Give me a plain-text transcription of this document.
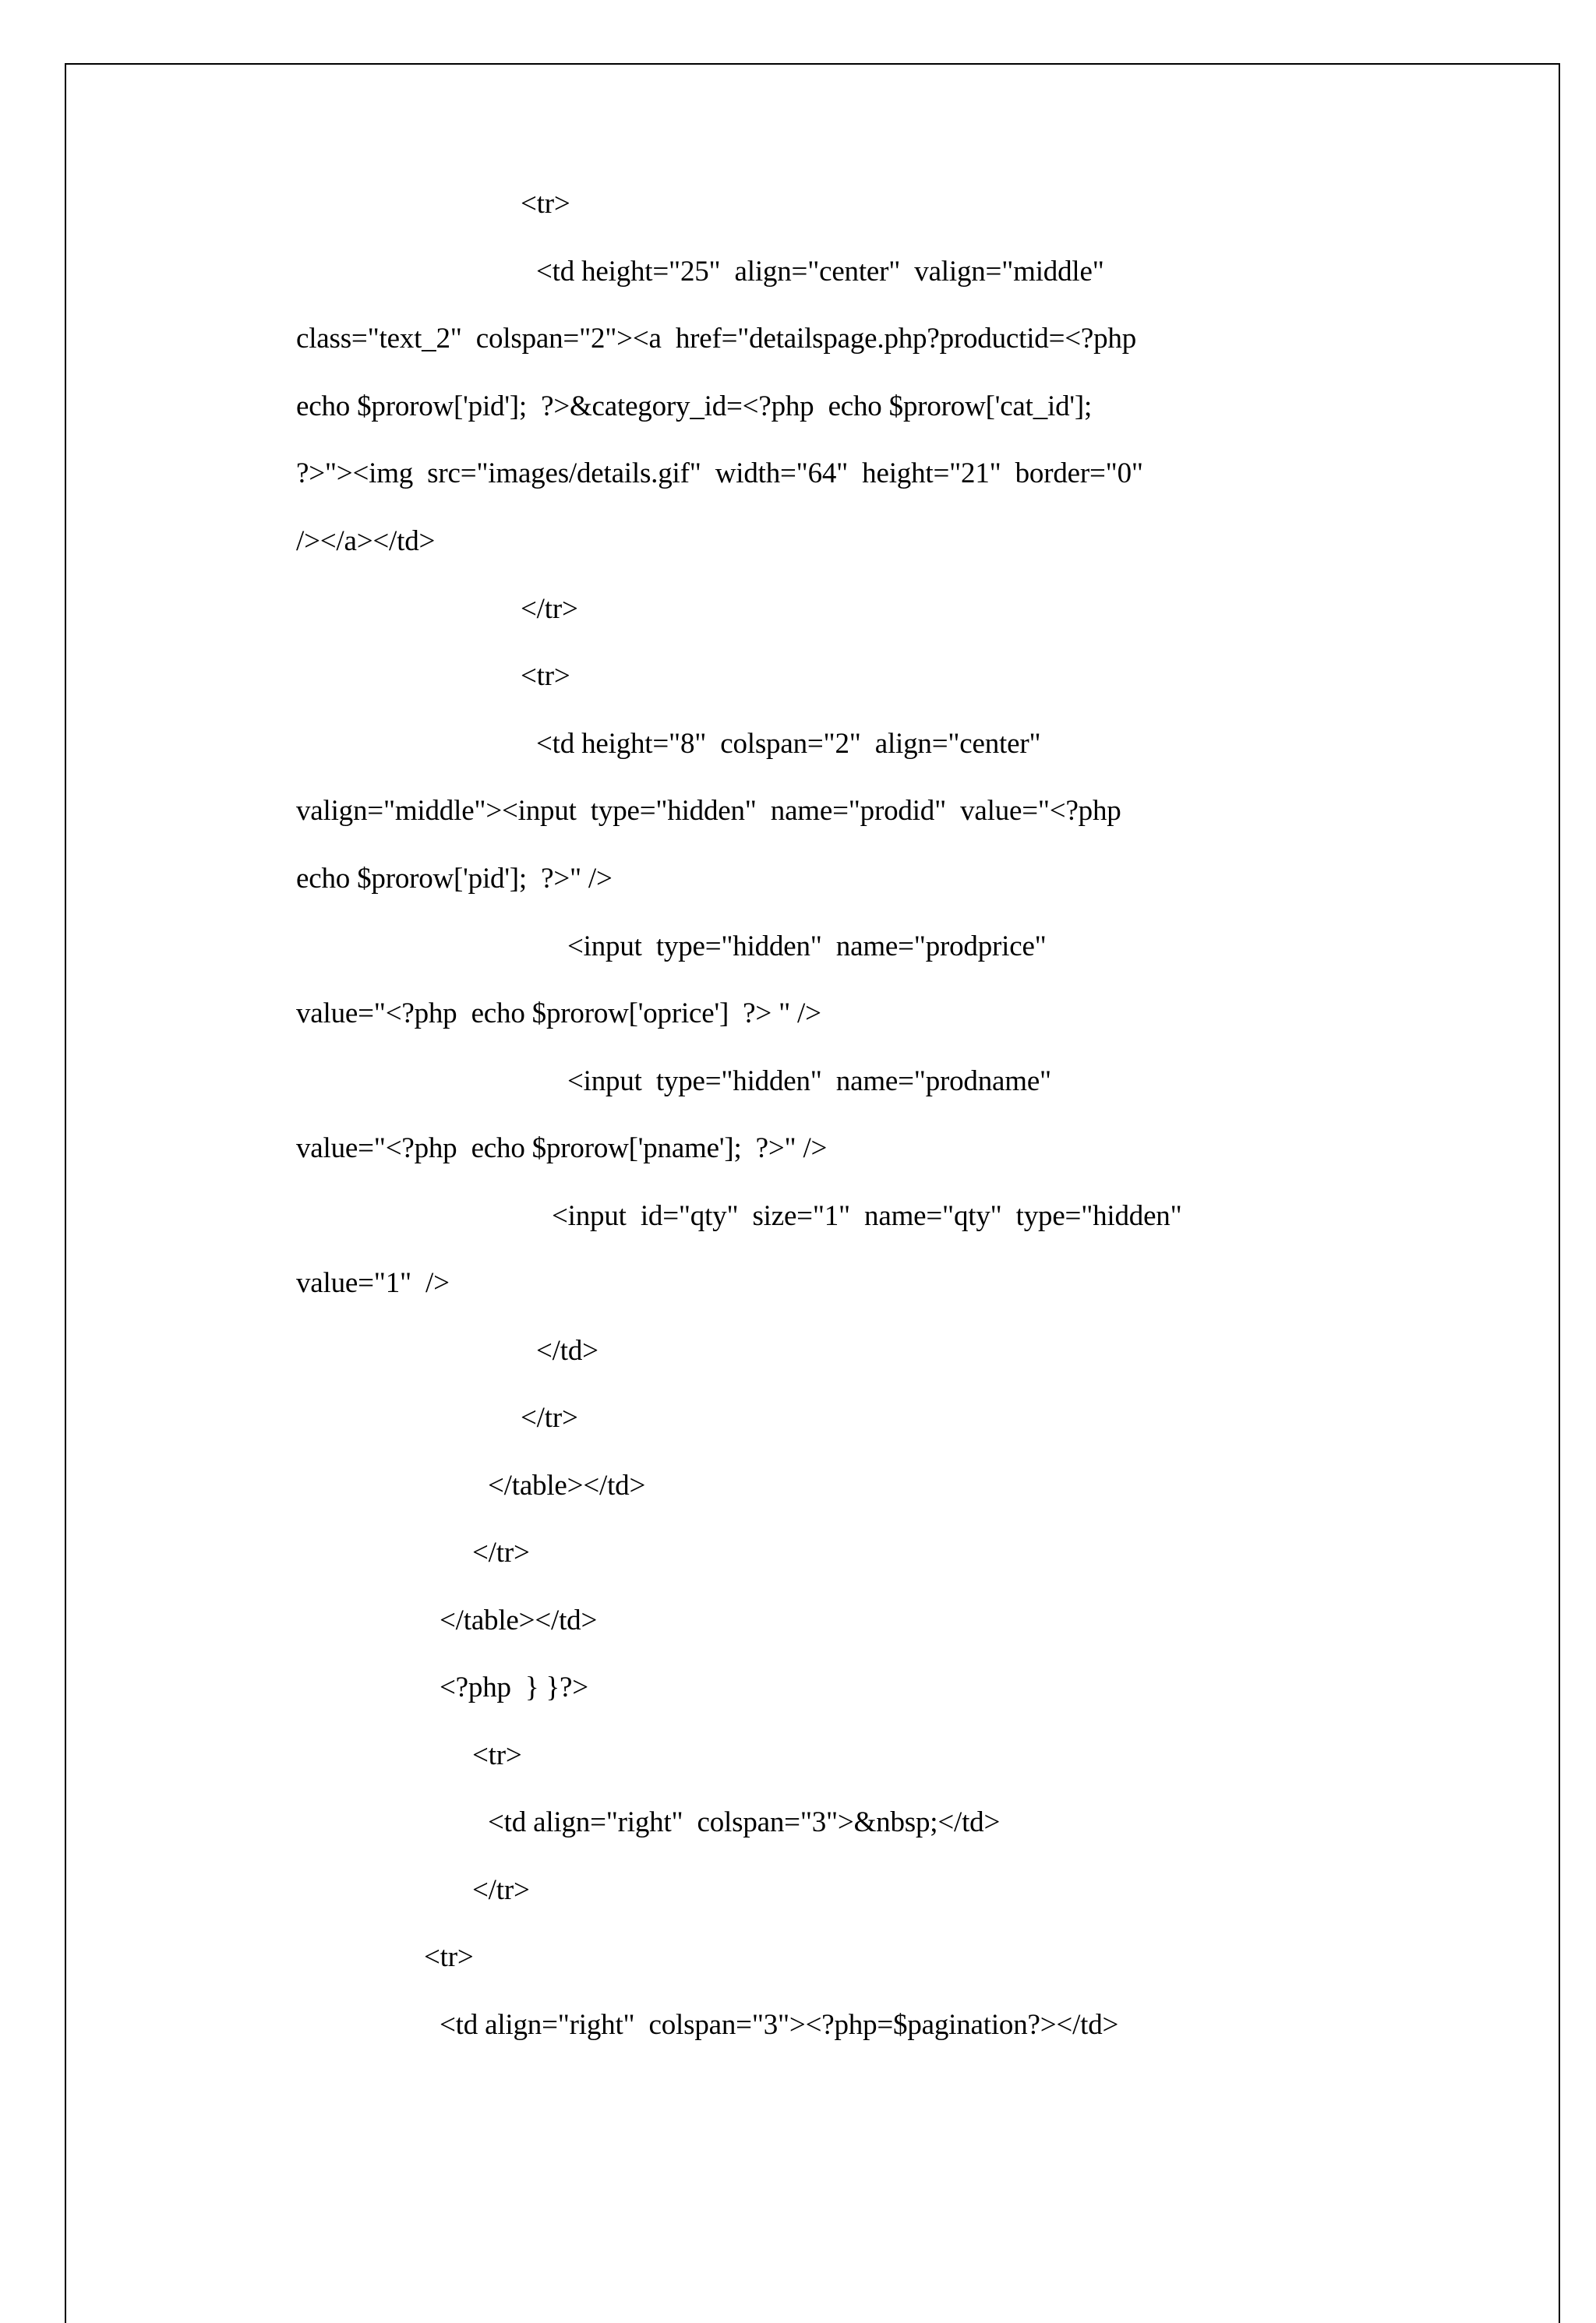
<tr>
<td height="25"  align="center"  valign="middle"
class="text_2"  colspan="2"><a  href="detailspage.php?productid=<?php
echo $prorow['pid'];  ?>&category_id=<?php  echo $prorow['cat_id'];
?>"><img  src="images/details.gif"  width="64"  height="21"  border="0"
/></a></td>
</tr>
<tr>
<td height="8"  colspan="2"  align="center"
valign="middle"><input  type="hidden"  name="prodid"  value="<?php
echo $prorow['pid'];  ?>" />
<input  type="hidden"  name="prodprice"
value="<?php  echo $prorow['oprice']  ?> " />
<input  type="hidden"  name="prodname"
value="<?php  echo $prorow['pname'];  ?>" />
<input  id="qty"  size="1"  name="qty"  type="hidden"
value="1"  />
</td>
</tr>
</table></td>
</tr>
</table></td>
<?php  } }?>
<tr>
<td align="right"  colspan="3">&nbsp;</td>
</tr>
<tr>
<td align="right"  colspan="3"><?php=$pagination?></td>
